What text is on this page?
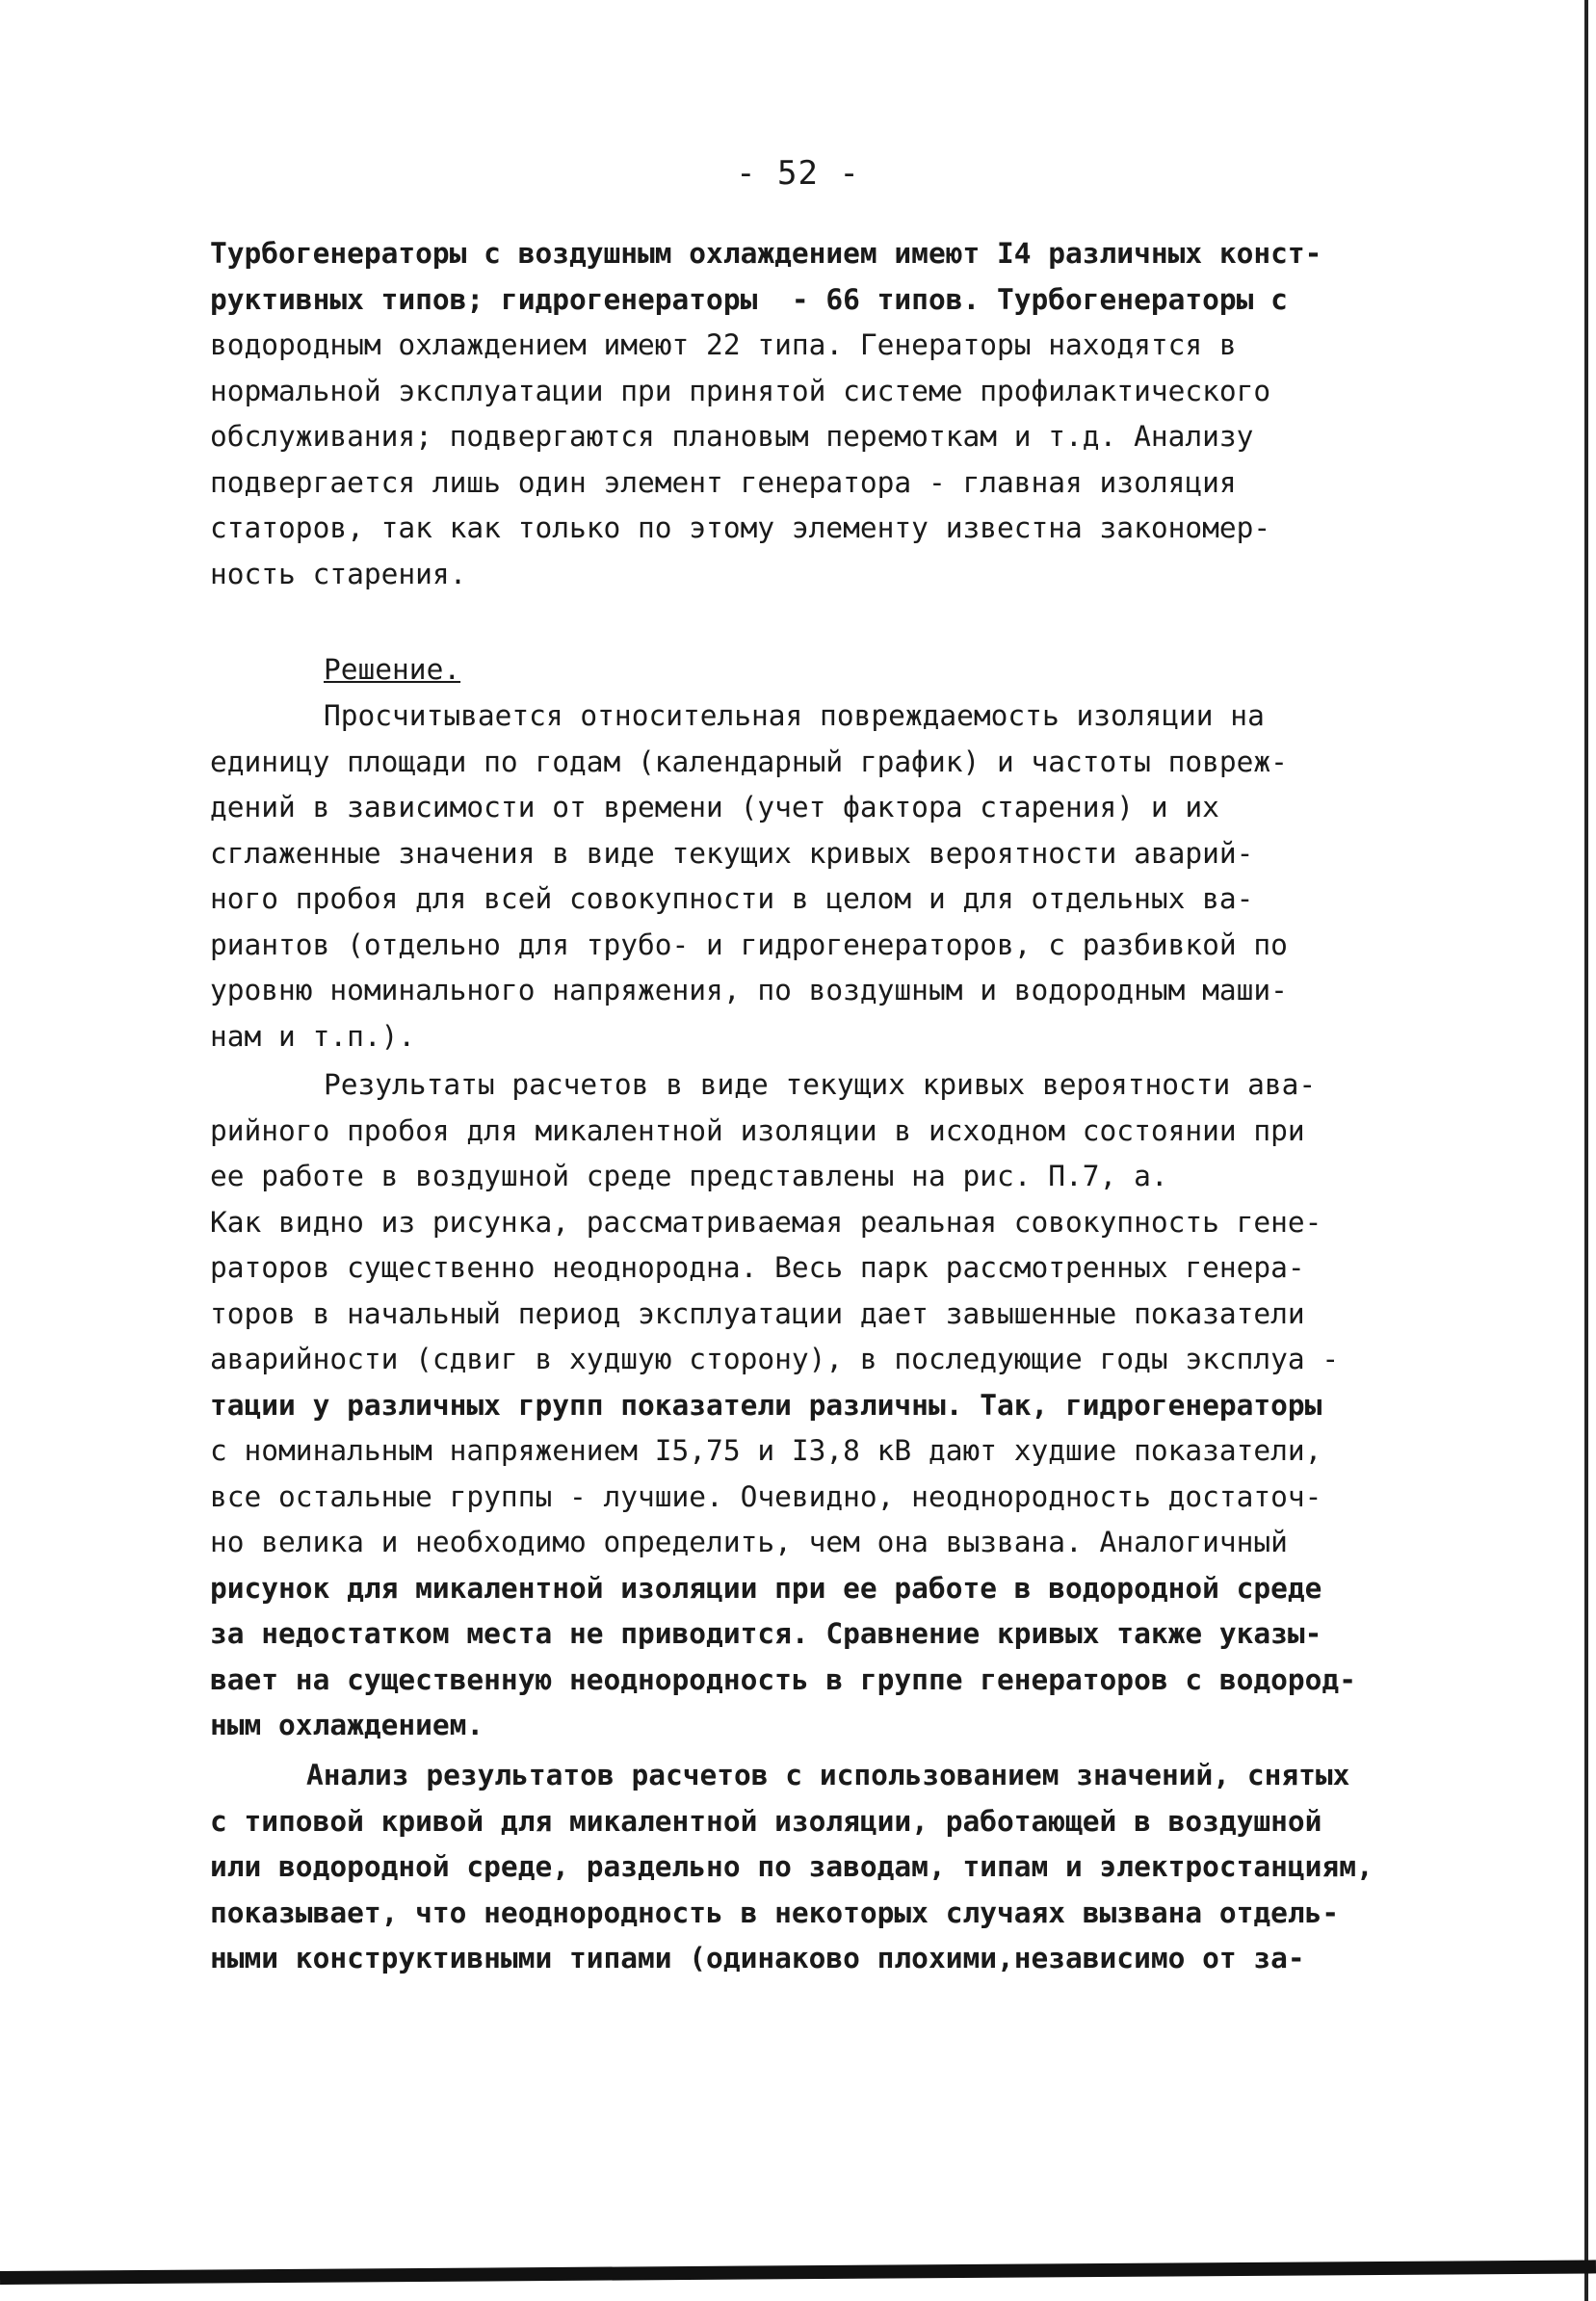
- 52 -
Турбогенераторы с воздушным охлаждением имеют I4 различных конст-
руктивных типов; гидрогенераторы  - 66 типов. Турбогенераторы с
водородным охлаждением имеют 22 типа. Генераторы находятся в
нормальной эксплуатации при принятой системе профилактического
обслуживания; подвергаются плановым перемоткам и т.д. Анализу
подвергается лишь один элемент генератора - главная изоляция
статоров, так как только по этому элементу известна закономер-
ность старения.
Решение.
Просчитывается относительная повреждаемость изоляции на
единицу площади по годам (календарный график) и частоты повреж-
дений в зависимости от времени (учет фактора старения) и их
сглаженные значения в виде текущих кривых вероятности аварий-
ного пробоя для всей совокупности в целом и для отдельных ва-
риантов (отдельно для трубо- и гидрогенераторов, с разбивкой по
уровню номинального напряжения, по воздушным и водородным маши-
нам и т.п.).
Результаты расчетов в виде текущих кривых вероятности ава-
рийного пробоя для микалентной изоляции в исходном состоянии при
ее работе в воздушной среде представлены на рис. П.7, а.
Как видно из рисунка, рассматриваемая реальная совокупность гене-
раторов существенно неоднородна. Весь парк рассмотренных генера-
торов в начальный период эксплуатации дает завышенные показатели
аварийности (сдвиг в худшую сторону), в последующие годы эксплуа -
тации у различных групп показатели различны. Так, гидрогенераторы
с номинальным напряжением I5,75 и I3,8 кВ дают худшие показатели,
все остальные группы - лучшие. Очевидно, неоднородность достаточ-
но велика и необходимо определить, чем она вызвана. Аналогичный
рисунок для микалентной изоляции при ее работе в водородной среде
за недостатком места не приводится. Сравнение кривых также указы-
вает на существенную неоднородность в группе генераторов с водород-
ным охлаждением.
Анализ результатов расчетов с использованием значений, снятых
с типовой кривой для микалентной изоляции, работающей в воздушной
или водородной среде, раздельно по заводам, типам и электростанциям,
показывает, что неоднородность в некоторых случаях вызвана отдель-
ными конструктивными типами (одинаково плохими,независимо от за-
